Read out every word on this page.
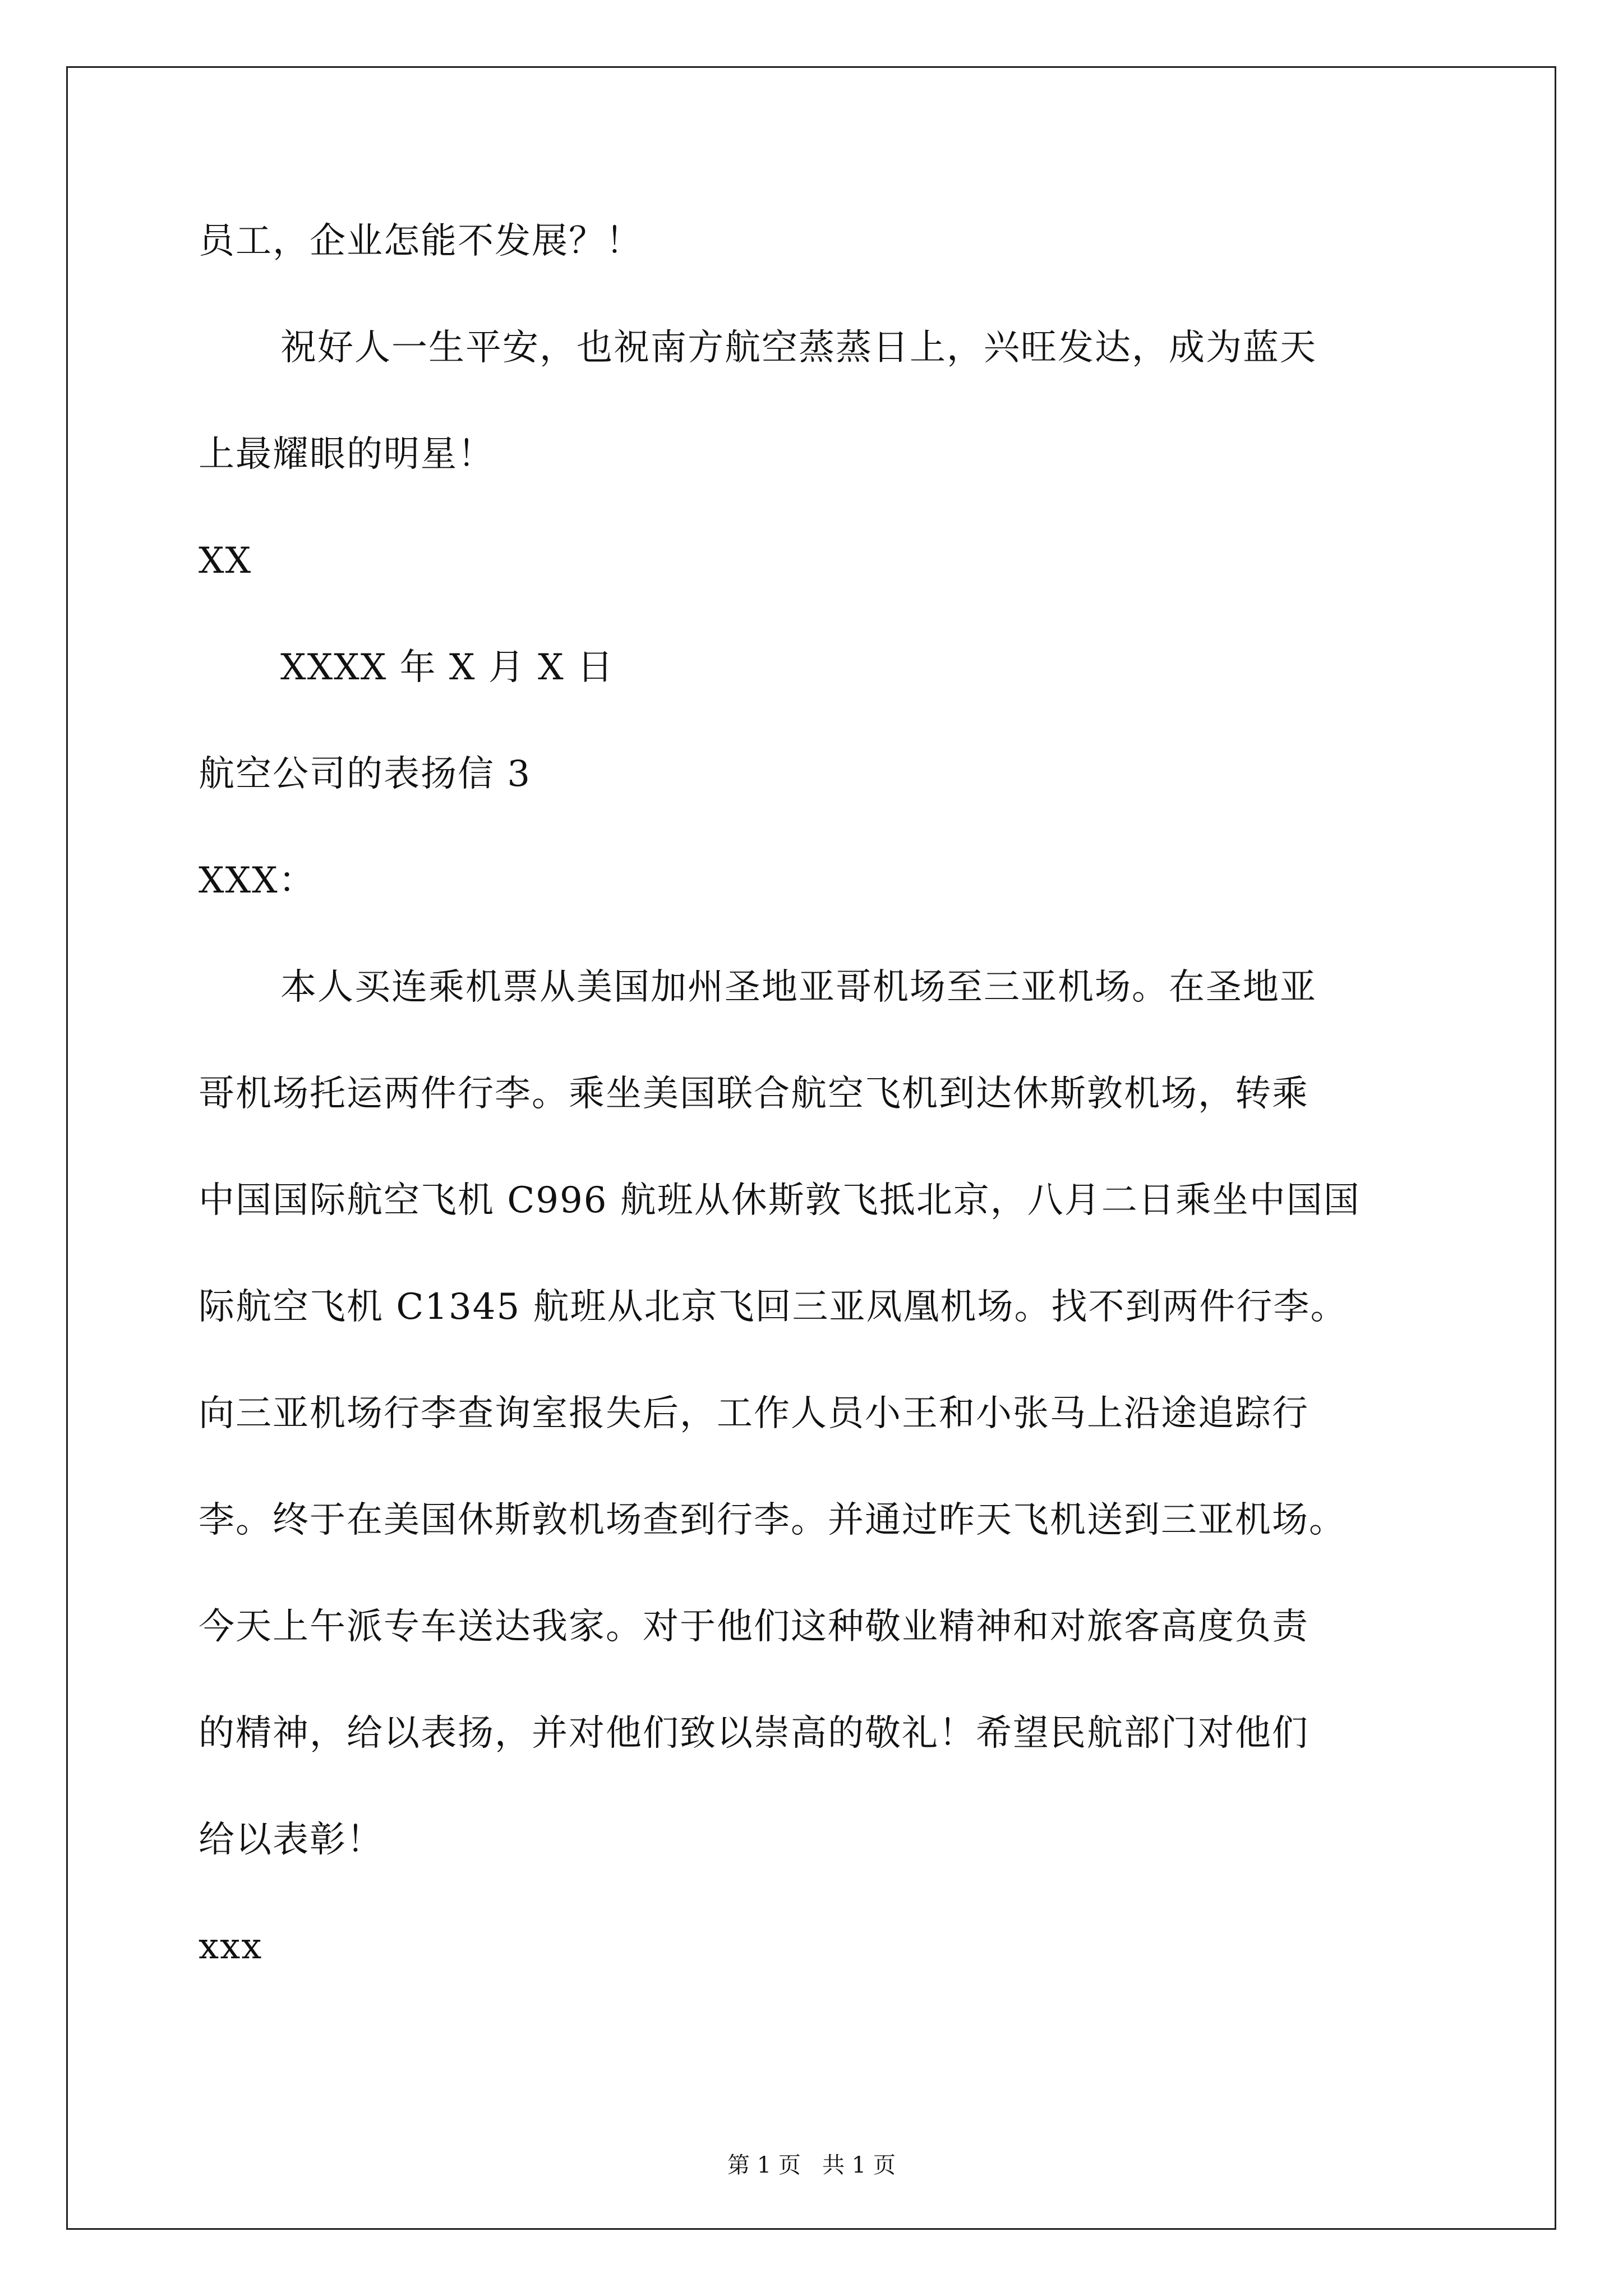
员工，企业怎能不发展？！
祝好人一生平安，也祝南方航空蒸蒸日上，兴旺发达，成为蓝天
上最耀眼的明星！
XX
XXXX 年 X 月 X 日
航空公司的表扬信 3
XXX：
本人买连乘机票从美国加州圣地亚哥机场至三亚机场。在圣地亚
哥机场托运两件行李。乘坐美国联合航空飞机到达休斯敦机场，转乘
中国国际航空飞机 C996 航班从休斯敦飞抵北京，八月二日乘坐中国国
际航空飞机 C1345 航班从北京飞回三亚凤凰机场。找不到两件行李。
向三亚机场行李查询室报失后，工作人员小王和小张马上沿途追踪行
李。终于在美国休斯敦机场查到行李。并通过昨天飞机送到三亚机场。
今天上午派专车送达我家。对于他们这种敬业精神和对旅客高度负责
的精神，给以表扬，并对他们致以崇高的敬礼！希望民航部门对他们
给以表彰！
xxx
第 1 页   共 1 页
